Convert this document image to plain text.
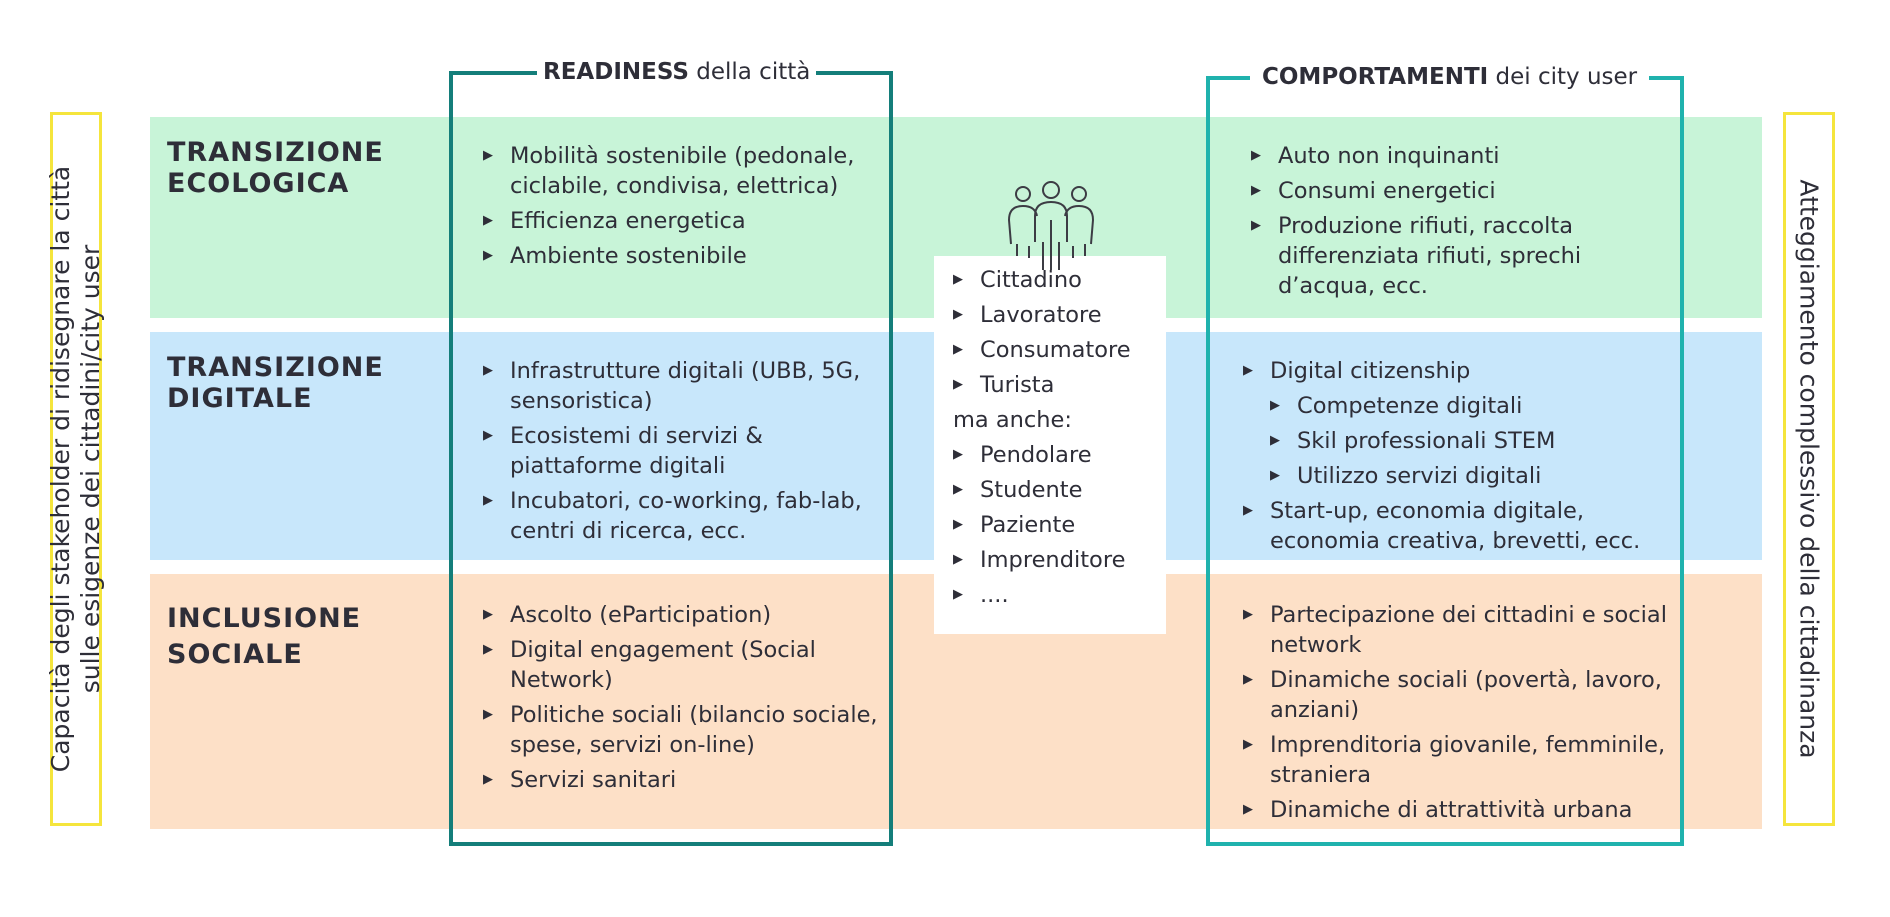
Capacità degli stakeholder di ridisegnare la città sulle esigenze dei cittadini/city user	Atteggiamento complessivo della cittadinanza
TRANSIZIONE
ECOLOGICA
TRANSIZIONE
DIGITALE
INCLUSIONE
SOCIALE
READINESS della città
▶ Mobilità sostenibile (pedonale, ciclabile, condivisa, elettrica)
▶ Efficienza energetica
▶ Ambiente sostenibile
▶ Infrastrutture digitali (UBB, 5G, sensoristica)
▶ Ecosistemi di servizi & piattaforme digitali
▶ Incubatori, co-working, fab-lab, centri di ricerca, ecc.
▶ Ascolto (eParticipation)
▶ Digital engagement (Social Network)
▶ Politiche sociali (bilancio sociale, spese, servizi on-line)
▶ Servizi sanitari
▶ Cittadino
▶ Lavoratore
▶ Consumatore
▶ Turista
ma anche:
▶ Pendolare
▶ Studente
▶ Paziente
▶ Imprenditore
▶ ....
COMPORTAMENTI dei city user
▶ Auto non inquinanti
▶ Consumi energetici
▶ Produzione rifiuti, raccolta differenziata rifiuti, sprechi d’acqua, ecc.
▶ Digital citizenship
▶ Competenze digitali
▶ Skil professionali STEM
▶ Utilizzo servizi digitali
▶ Start-up, economia digitale, economia creativa, brevetti, ecc.
▶ Partecipazione dei cittadini e social network
▶ Dinamiche sociali (povertà, lavoro, anziani)
▶ Imprenditoria giovanile, femminile, straniera
▶ Dinamiche di attrattività urbana
